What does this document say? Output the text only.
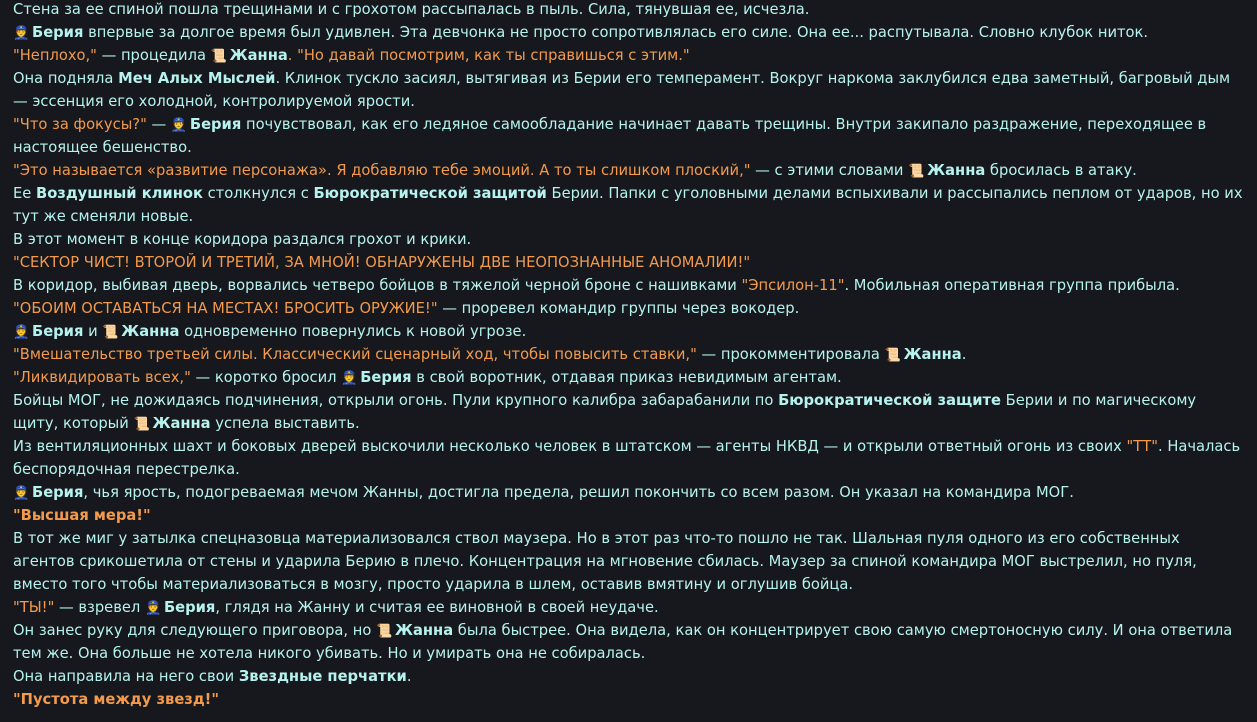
Стена за ее спиной пошла трещинами и с грохотом рассыпалась в пыль. Сила, тянувшая ее, исчезла.

👮 Берия впервые за долгое время был удивлен. Эта девчонка не просто сопротивлялась его силе. Она ее... распутывала. Словно клубок ниток.

"Неплохо," — процедила 📜 Жанна. "Но давай посмотрим, как ты справишься с этим."

Она подняла Меч Алых Мыслей. Клинок тускло засиял, вытягивая из Берии его темперамент. Вокруг наркома заклубился едва заметный, багровый дым — эссенция его холодной, контролируемой ярости.

"Что за фокусы?" — 👮 Берия почувствовал, как его ледяное самообладание начинает давать трещины. Внутри закипало раздражение, переходящее в настоящее бешенство.

"Это называется «развитие персонажа». Я добавляю тебе эмоций. А то ты слишком плоский," — с этими словами 📜 Жанна бросилась в атаку.

Ее Воздушный клинок столкнулся с Бюрократической защитой Берии. Папки с уголовными делами вспыхивали и рассыпались пеплом от ударов, но их тут же сменяли новые.

В этот момент в конце коридора раздался грохот и крики.

"СЕКТОР ЧИСТ! ВТОРОЙ И ТРЕТИЙ, ЗА МНОЙ! ОБНАРУЖЕНЫ ДВЕ НЕОПОЗНАННЫЕ АНОМАЛИИ!"

В коридор, выбивая дверь, ворвались четверо бойцов в тяжелой черной броне с нашивками "Эпсилон-11". Мобильная оперативная группа прибыла.

"ОБОИМ ОСТАВАТЬСЯ НА МЕСТАХ! БРОСИТЬ ОРУЖИЕ!" — проревел командир группы через вокодер.

👮 Берия и 📜 Жанна одновременно повернулись к новой угрозе.

"Вмешательство третьей силы. Классический сценарный ход, чтобы повысить ставки," — прокомментировала 📜 Жанна.

"Ликвидировать всех," — коротко бросил 👮 Берия в свой воротник, отдавая приказ невидимым агентам.

Бойцы МОГ, не дожидаясь подчинения, открыли огонь. Пули крупного калибра забарабанили по Бюрократической защите Берии и по магическому щиту, который 📜 Жанна успела выставить.

Из вентиляционных шахт и боковых дверей выскочили несколько человек в штатском — агенты НКВД — и открыли ответный огонь из своих "ТТ". Началась беспорядочная перестрелка.

👮 Берия, чья ярость, подогреваемая мечом Жанны, достигла предела, решил покончить со всем разом. Он указал на командира МОГ.

"Высшая мера!"

В тот же миг у затылка спецназовца материализовался ствол маузера. Но в этот раз что-то пошло не так. Шальная пуля одного из его собственных агентов срикошетила от стены и ударила Берию в плечо. Концентрация на мгновение сбилась. Маузер за спиной командира МОГ выстрелил, но пуля, вместо того чтобы материализоваться в мозгу, просто ударила в шлем, оставив вмятину и оглушив бойца.

"ТЫ!" — взревел 👮 Берия, глядя на Жанну и считая ее виновной в своей неудаче.

Он занес руку для следующего приговора, но 📜 Жанна была быстрее. Она видела, как он концентрирует свою самую смертоносную силу. И она ответила тем же. Она больше не хотела никого убивать. Но и умирать она не собиралась.

Она направила на него свои Звездные перчатки.

"Пустота между звезд!"
